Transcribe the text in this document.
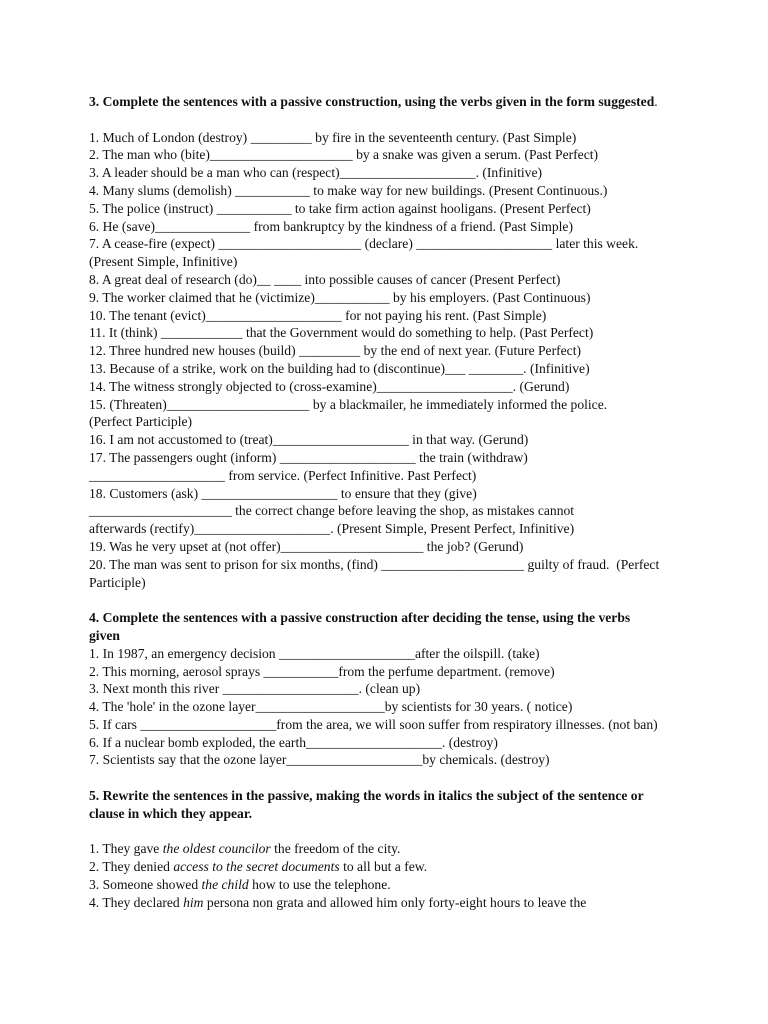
3. Complete the sentences with a passive construction, using the verbs given in the form suggested.
1. Much of London (destroy) _________ by fire in the seventeenth century. (Past Simple)
2. The man who (bite)_____________________ by a snake was given a serum. (Past Perfect)
3. A leader should be a man who can (respect)____________________. (Infinitive)
4. Many slums (demolish) ___________ to make way for new buildings. (Present Continuous.)
5. The police (instruct) ___________ to take firm action against hooligans. (Present Perfect)
6. He (save)______________ from bankruptcy by the kindness of a friend. (Past Simple)
7. A cease-fire (expect) _____________________ (declare) ____________________ later this week.
(Present Simple, Infinitive)
8. A great deal of research (do)__ ____ into possible causes of cancer (Present Perfect)
9. The worker claimed that he (victimize)___________ by his employers. (Past Continuous)
10. The tenant (evict)____________________ for not paying his rent. (Past Simple)
11. It (think) ____________ that the Government would do something to help. (Past Perfect)
12. Three hundred new houses (build) _________ by the end of next year. (Future Perfect)
13. Because of a strike, work on the building had to (discontinue)___ ________. (Infinitive)
14. The witness strongly objected to (cross-examine)____________________. (Gerund)
15. (Threaten)_____________________ by a blackmailer, he immediately informed the police.
(Perfect Participle)
16. I am not accustomed to (treat)____________________ in that way. (Gerund)
17. The passengers ought (inform) ____________________ the train (withdraw)
____________________ from service. (Perfect Infinitive. Past Perfect)
18. Customers (ask) ____________________ to ensure that they (give)
_____________________ the correct change before leaving the shop, as mistakes cannot
afterwards (rectify)____________________. (Present Simple, Present Perfect, Infinitive)
19. Was he very upset at (not offer)_____________________ the job? (Gerund)
20. The man was sent to prison for six months, (find) _____________________ guilty of fraud.  (Perfect
Participle)
4. Complete the sentences with a passive construction after deciding the tense, using the verbs
given
1. In 1987, an emergency decision ____________________after the oilspill. (take)
2. This morning, aerosol sprays ___________from the perfume department. (remove)
3. Next month this river ____________________. (clean up)
4. The 'hole' in the ozone layer___________________by scientists for 30 years. ( notice)
5. If cars ____________________from the area, we will soon suffer from respiratory illnesses. (not ban)
6. If a nuclear bomb exploded, the earth____________________. (destroy)
7. Scientists say that the ozone layer____________________by chemicals. (destroy)
5. Rewrite the sentences in the passive, making the words in italics the subject of the sentence or
clause in which they appear.
1. They gave the oldest councilor the freedom of the city.
2. They denied access to the secret documents to all but a few.
3. Someone showed the child how to use the telephone.
4. They declared him persona non grata and allowed him only forty-eight hours to leave the
